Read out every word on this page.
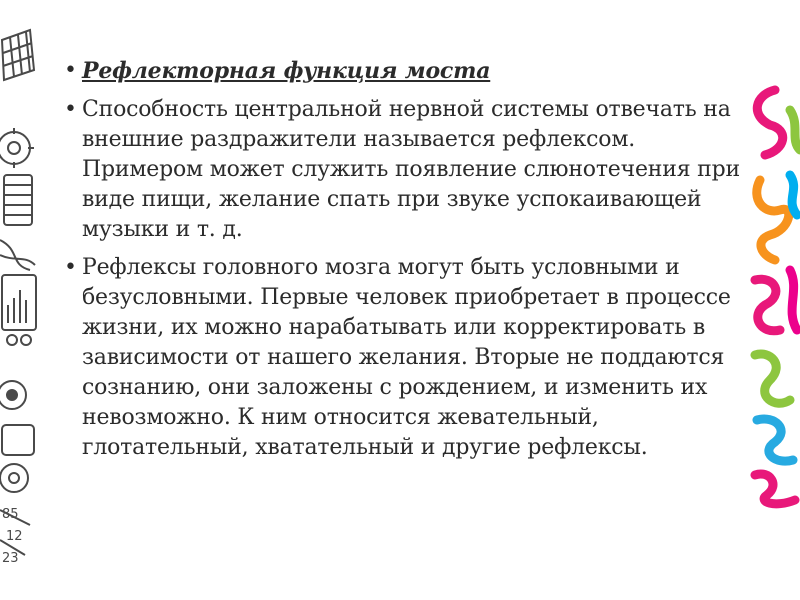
85
12
23
• Рефлекторная функция моста
• Способность центральной нервной системы отвечать на внешние раздражители называется рефлексом. Примером может служить появление слюнотечения при виде пищи, желание спать при звуке успокаивающей музыки и т. д.
• Рефлексы головного мозга могут быть условными и безусловными. Первые человек приобретает в процессе жизни, их можно нарабатывать или корректировать в зависимости от нашего желания. Вторые не поддаются сознанию, они заложены с рождением, и изменить их невозможно. К ним относится жевательный, глотательный, хватательный и другие рефлексы.
